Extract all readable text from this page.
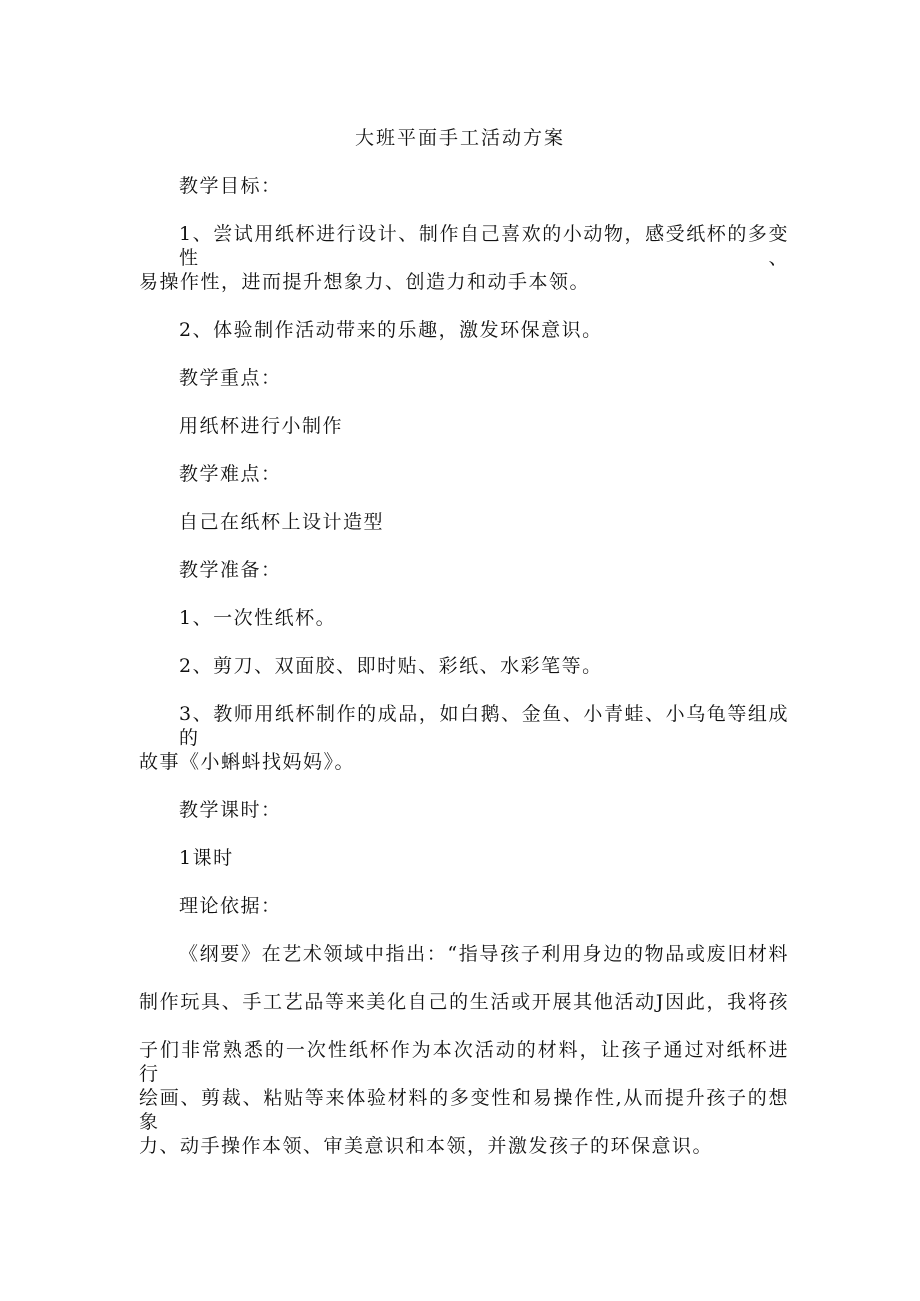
大班平面手工活动方案
教学目标：
1、尝试用纸杯进行设计、制作自己喜欢的小动物，感受纸杯的多变性、
易操作性，进而提升想象力、创造力和动手本领。
2、体验制作活动带来的乐趣，激发环保意识。
教学重点：
用纸杯进行小制作
教学难点：
自己在纸杯上设计造型
教学准备：
1、一次性纸杯。
2、剪刀、双面胶、即时贴、彩纸、水彩笔等。
3、教师用纸杯制作的成品，如白鹅、金鱼、小青蛙、小乌龟等组成的
故事《小蝌蚪找妈妈》。
教学课时：
1课时
理论依据：
《纲要》在艺术领域中指出：“指导孩子利用身边的物品或废旧材料
制作玩具、手工艺品等来美化自己的生活或开展其他活动J因此，我将孩
子们非常熟悉的一次性纸杯作为本次活动的材料，让孩子通过对纸杯进行
绘画、剪裁、粘贴等来体验材料的多变性和易操作性,从而提升孩子的想象
力、动手操作本领、审美意识和本领，并激发孩子的环保意识。
